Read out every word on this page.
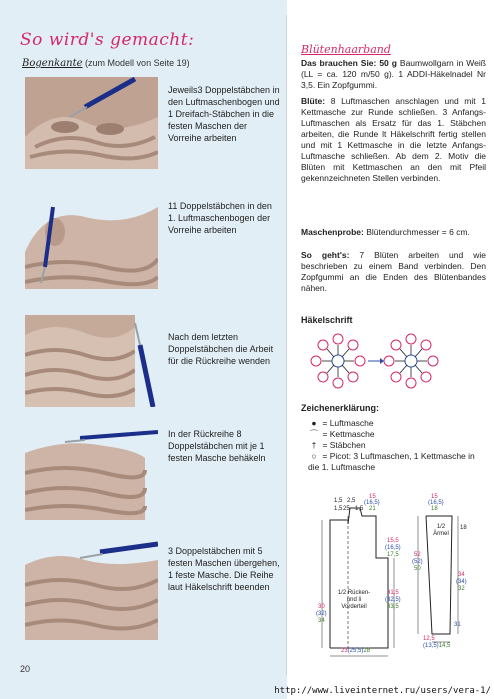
So wird's gemacht:
Bogenkante (zum Modell von Seite 19)
Jeweils3 Doppelstäbchen in den Luftmaschenbogen und 1 Dreifach-Stäbchen in die festen Maschen der Vorreihe arbeiten
11 Doppelstäbchen in den 1. Luftmaschenbogen der Vorreihe arbeiten
Nach dem letzten Doppelstäbchen die Arbeit für die Rückreihe wenden
In der Rückreihe 8 Doppelstäbchen mit je 1 festen Masche behäkeln
3 Doppelstäbchen mit 5 festen Maschen übergehen, 1 feste Masche. Die Reihe laut Häkelschrift beenden
20
Blütenhaarband
Das brauchen Sie: 50 g Baumwollgarn in Weiß (LL = ca. 120 m/50 g). 1 ADDI-Häkelnadel Nr 3,5. Ein Zopfgummi.
Blüte: 8 Luftmaschen anschlagen und mit 1 Kettmasche zur Runde schließen. 3 Anfangs-Luftmaschen als Ersatz für das 1. Stäbchen arbeiten, die Runde lt Häkelschrift fertig stellen und mit 1 Kettmasche in die letzte Anfangs-Luftmasche schließen. Ab dem 2. Motiv die Blüten mit Kettmaschen an den mit Pfeil gekennzeichneten Stellen verbinden.
Maschenprobe: Blütendurchmesser = 6 cm.
So geht's: 7 Blüten arbeiten und wie beschrieben zu einem Band verbinden. Den Zopfgummi an die Enden des Blütenbandes nähen.
Häkelschrift
Zeichenerklärung:
● = Luftmasche
⌒ = Kettmasche
† = Stäbchen
○ = Picot: 3 Luftmaschen, 1 Kettmasche in die 1. Luftmasche
1,5 2,5
15
(16,5)
21
1,5 25 1,5
15,5
(16,5)
17,5
31,5
(32,5)
33,5
30
(32)
34
1/2 Rücken- und li Vorderteil
23(25,5)28
15
(16,5)
18
18
1/2 Ärmel
52
(52)
50
34
(34)
32
31
12,5
(13,5)14,5
http://www.liveinternet.ru/users/vera-1/
